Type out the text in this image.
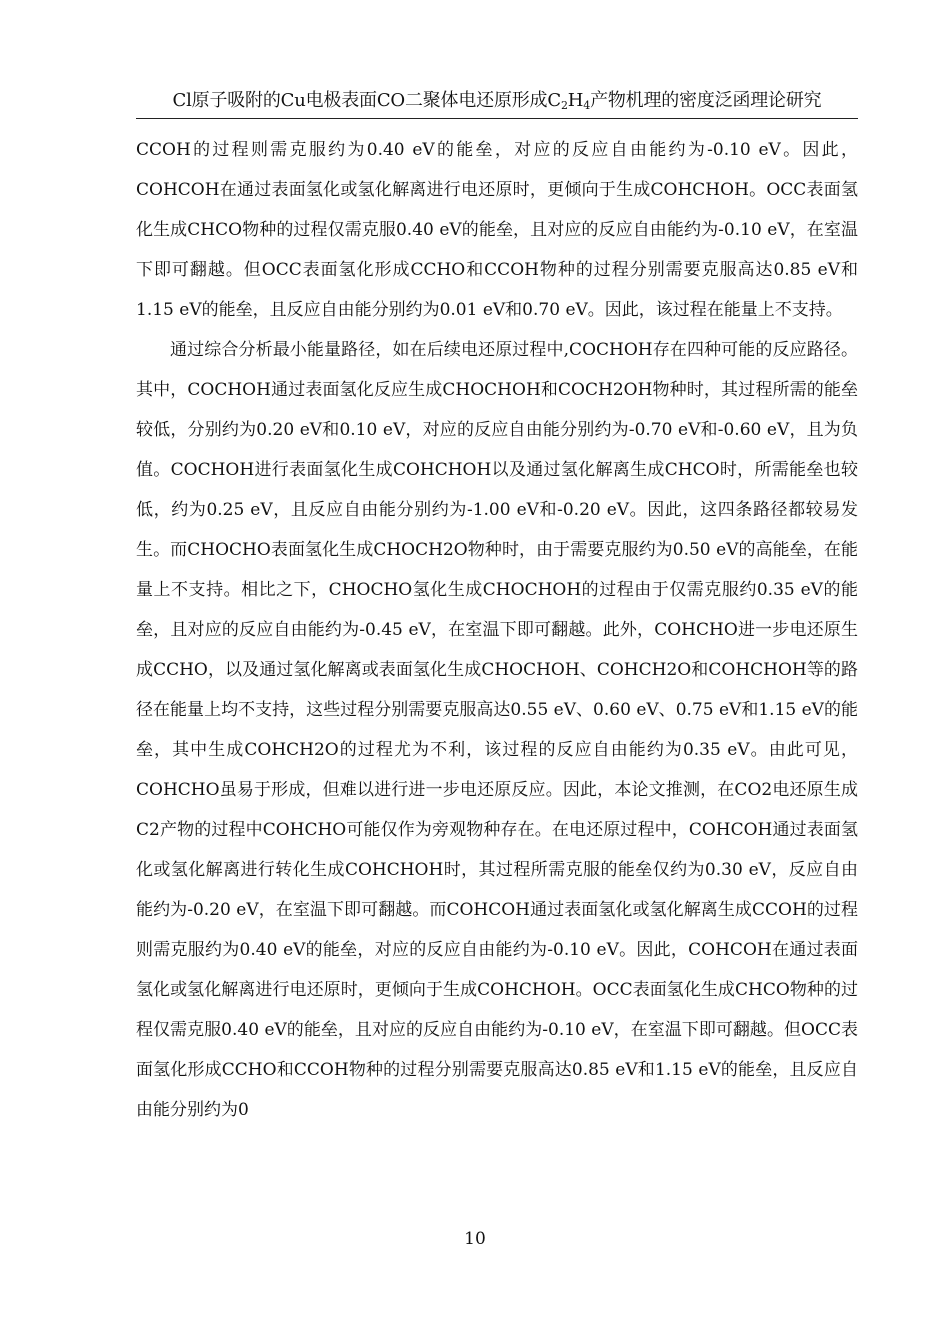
Cl原子吸附的Cu电极表面CO二聚体电还原形成$C_2H_4$产物机理的密度泛函理论研究

CCOH的过程则需克服约为0.40 eV的能垒，对应的反应自由能约为-0.10 eV。因此，COHCOH在通过表面氢化或氢化解离进行电还原时，更倾向于生成COHCHOH。OCC表面氢化生成CHCO物种的过程仅需克服0.40 eV的能垒，且对应的反应自由能约为-0.10 eV，在室温下即可翻越。但OCC表面氢化形成CCHO和CCOH物种的过程分别需要克服高达0.85 eV和1.15 eV的能垒，且反应自由能分别约为0.01 eV和0.70 eV。因此，该过程在能量上不支持。

通过综合分析最小能量路径，如在后续电还原过程中,COCHOH存在四种可能的反应路径。其中，COCHOH通过表面氢化反应生成CHOCHOH和COCH2OH物种时，其过程所需的能垒较低，分别约为0.20 eV和0.10 eV，对应的反应自由能分别约为-0.70 eV和-0.60 eV，且为负值。COCHOH进行表面氢化生成COHCHOH以及通过氢化解离生成CHCO时，所需能垒也较低，约为0.25 eV，且反应自由能分别约为-1.00 eV和-0.20 eV。因此，这四条路径都较易发生。而CHOCHO表面氢化生成CHOCH2O物种时，由于需要克服约为0.50 eV的高能垒，在能量上不支持。相比之下，CHOCHO氢化生成CHOCHOH的过程由于仅需克服约0.35 eV的能垒，且对应的反应自由能约为-0.45 eV，在室温下即可翻越。此外，COHCHO进一步电还原生成CCHO，以及通过氢化解离或表面氢化生成CHOCHOH、COHCH2O和COHCHOH等的路径在能量上均不支持，这些过程分别需要克服高达0.55 eV、0.60 eV、0.75 eV和1.15 eV的能垒，其中生成COHCH2O的过程尤为不利，该过程的反应自由能约为0.35 eV。由此可见，COHCHO虽易于形成，但难以进行进一步电还原反应。因此，本论文推测，在CO2电还原生成C2产物的过程中COHCHO可能仅作为旁观物种存在。在电还原过程中，COHCOH通过表面氢化或氢化解离进行转化生成COHCHOH时，其过程所需克服的能垒仅约为0.30 eV，反应自由能约为-0.20 eV，在室温下即可翻越。而COHCOH通过表面氢化或氢化解离生成CCOH的过程则需克服约为0.40 eV的能垒，对应的反应自由能约为-0.10 eV。因此，COHCOH在通过表面氢化或氢化解离进行电还原时，更倾向于生成COHCHOH。OCC表面氢化生成CHCO物种的过程仅需克服0.40 eV的能垒，且对应的反应自由能约为-0.10 eV，在室温下即可翻越。但OCC表面氢化形成CCHO和CCOH物种的过程分别需要克服高达0.85 eV和1.15 eV的能垒，且反应自由能分别约为0

10
